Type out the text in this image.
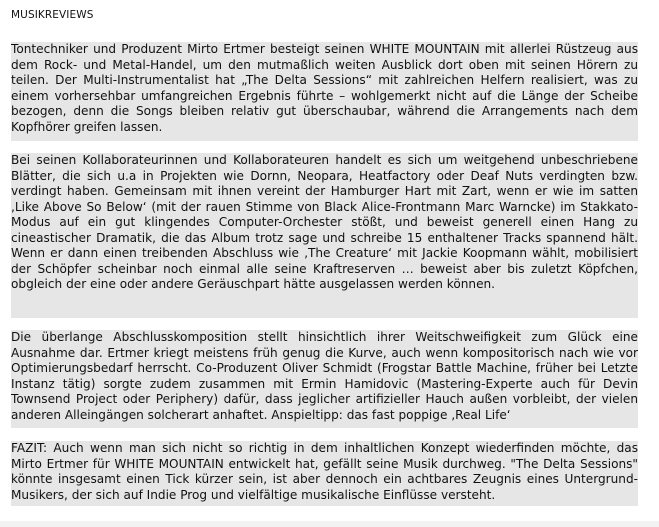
MUSIKREVIEWS

Tontechniker und Produzent Mirto Ertmer besteigt seinen WHITE MOUNTAIN mit allerlei Rüstzeug aus dem Rock- und Metal-Handel, um den mutmaßlich weiten Ausblick dort oben mit seinen Hörern zu teilen. Der Multi-Instrumentalist hat „The Delta Sessions“ mit zahlreichen Helfern realisiert, was zu einem vorhersehbar umfangreichen Ergebnis führte – wohlgemerkt nicht auf die Länge der Scheibe bezogen, denn die Songs bleiben relativ gut überschaubar, während die Arrangements nach dem Kopfhörer greifen lassen.

Bei seinen Kollaborateurinnen und Kollaborateuren handelt es sich um weitgehend unbeschriebene Blätter, die sich u.a in Projekten wie Dornn, Neopara, Heatfactory oder Deaf Nuts verdingten bzw. verdingt haben. Gemeinsam mit ihnen vereint der Hamburger Hart mit Zart, wenn er wie im satten ‚Like Above So Below‘ (mit der rauen Stimme von Black Alice-Frontmann Marc Warncke) im Stakkato-Modus auf ein gut klingendes Computer-Orchester stößt, und beweist generell einen Hang zu cineastischer Dramatik, die das Album trotz sage und schreibe 15 enthaltener Tracks spannend hält. Wenn er dann einen treibenden Abschluss wie ‚The Creature‘ mit Jackie Koopmann wählt, mobilisiert der Schöpfer scheinbar noch einmal alle seine Kraftreserven … beweist aber bis zuletzt Köpfchen, obgleich der eine oder andere Geräuschpart hätte ausgelassen werden können.

Die überlange Abschlusskomposition stellt hinsichtlich ihrer Weitschweifigkeit zum Glück eine Ausnahme dar. Ertmer kriegt meistens früh genug die Kurve, auch wenn kompositorisch nach wie vor Optimierungsbedarf herrscht. Co-Produzent Oliver Schmidt (Frogstar Battle Machine, früher bei Letzte Instanz tätig) sorgte zudem zusammen mit Ermin Hamidovic (Mastering-Experte auch für Devin Townsend Project oder Periphery) dafür, dass jeglicher artifizieller Hauch außen vorbleibt, der vielen anderen Alleingängen solcherart anhaftet. Anspieltipp: das fast poppige ‚Real Life‘

FAZIT: Auch wenn man sich nicht so richtig in dem inhaltlichen Konzept wiederfinden möchte, das Mirto Ertmer für WHITE MOUNTAIN entwickelt hat, gefällt seine Musik durchweg. "The Delta Sessions" könnte insgesamt einen Tick kürzer sein, ist aber dennoch ein achtbares Zeugnis eines Untergrund-Musikers, der sich auf Indie Prog und vielfältige musikalische Einflüsse versteht.
